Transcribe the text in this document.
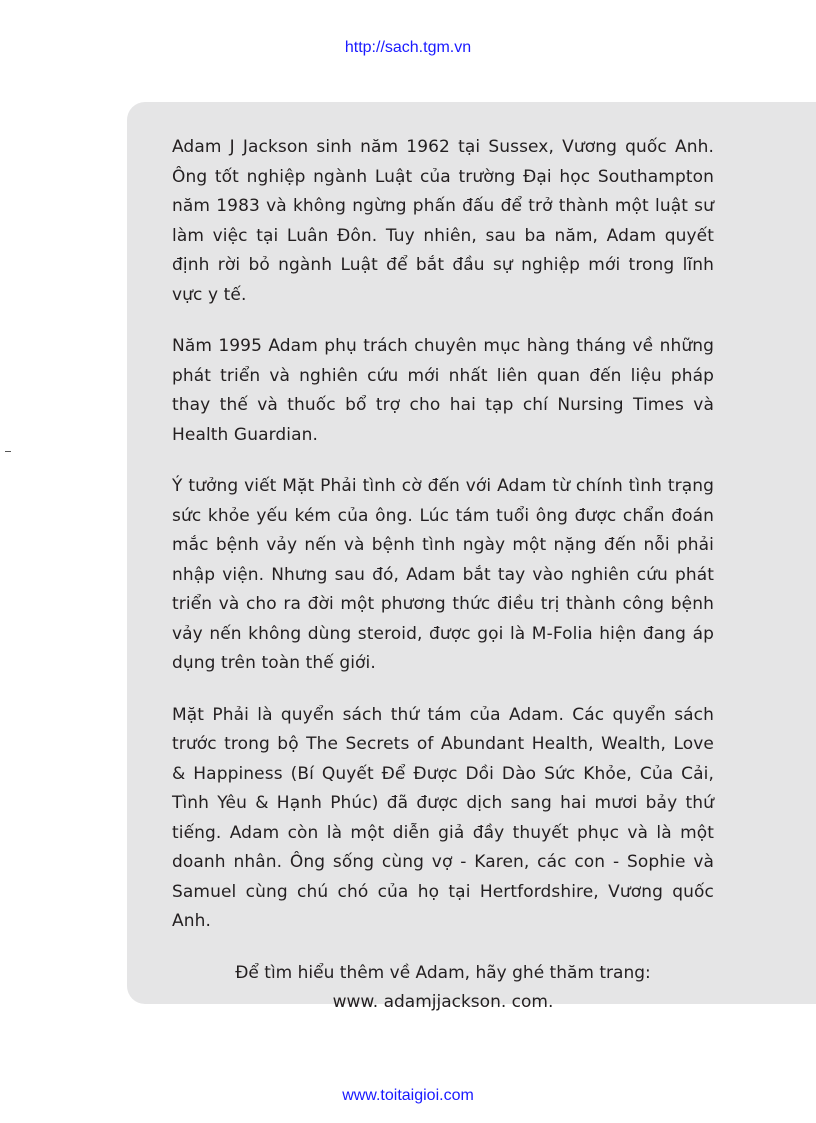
http://sach.tgm.vn

Adam J Jackson sinh năm 1962 tại Sussex, Vương quốc Anh. Ông tốt nghiệp ngành Luật của trường Đại học Southampton năm 1983 và không ngừng phấn đấu để trở thành một luật sư làm việc tại Luân Đôn. Tuy nhiên, sau ba năm, Adam quyết định rời bỏ ngành Luật để bắt đầu sự nghiệp mới trong lĩnh vực y tế.

Năm 1995 Adam phụ trách chuyên mục hàng tháng về những phát triển và nghiên cứu mới nhất liên quan đến liệu pháp thay thế và thuốc bổ trợ cho hai tạp chí Nursing Times và Health Guardian.

Ý tưởng viết Mặt Phải tình cờ đến với Adam từ chính tình trạng sức khỏe yếu kém của ông. Lúc tám tuổi ông được chẩn đoán mắc bệnh vảy nến và bệnh tình ngày một nặng đến nỗi phải nhập viện. Nhưng sau đó, Adam bắt tay vào nghiên cứu phát triển và cho ra đời một phương thức điều trị thành công bệnh vảy nến không dùng steroid, được gọi là M-Folia hiện đang áp dụng trên toàn thế giới.

Mặt Phải là quyển sách thứ tám của Adam. Các quyển sách trước trong bộ The Secrets of Abundant Health, Wealth, Love & Happiness (Bí Quyết Để Được Dồi Dào Sức Khỏe, Của Cải, Tình Yêu & Hạnh Phúc) đã được dịch sang hai mươi bảy thứ tiếng. Adam còn là một diễn giả đầy thuyết phục và là một doanh nhân. Ông sống cùng vợ - Karen, các con - Sophie và Samuel cùng chú chó của họ tại Hertfordshire, Vương quốc Anh.

Để tìm hiểu thêm về Adam, hãy ghé thăm trang:

www. adamjjackson. com.

www.toitaigioi.com
